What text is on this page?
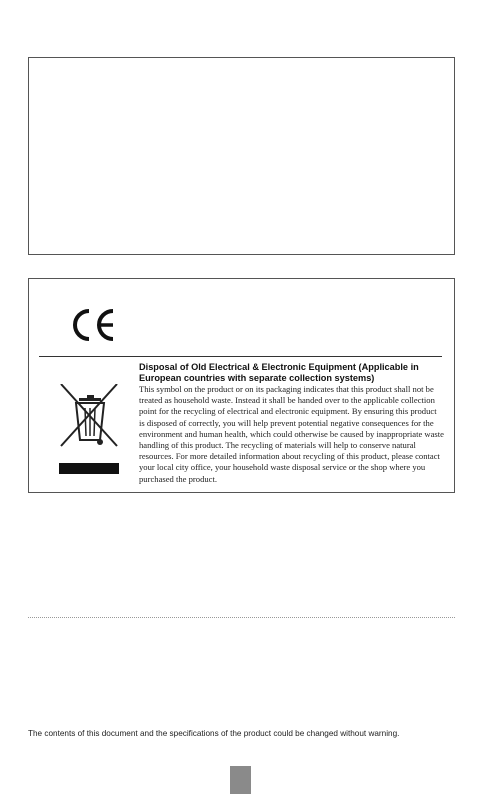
Disposal of Old Electrical & Electronic Equipment (Applicable in European countries with separate collection systems)

This symbol on the product or on its packaging indicates that this product shall not be treated as household waste. Instead it shall be handed over to the applicable collection point for the recycling of electrical and electronic equipment. By ensuring this product is disposed of correctly, you will help prevent potential negative consequences for the environment and human health, which could otherwise be caused by inappropriate waste handling of this product. The recycling of materials will help to conserve natural resources. For more detailed information about recycling of this product, please contact your local city office, your household waste disposal service or the shop where you purchased the product.

The contents of this document and the specifications of the product could be changed without warning.
